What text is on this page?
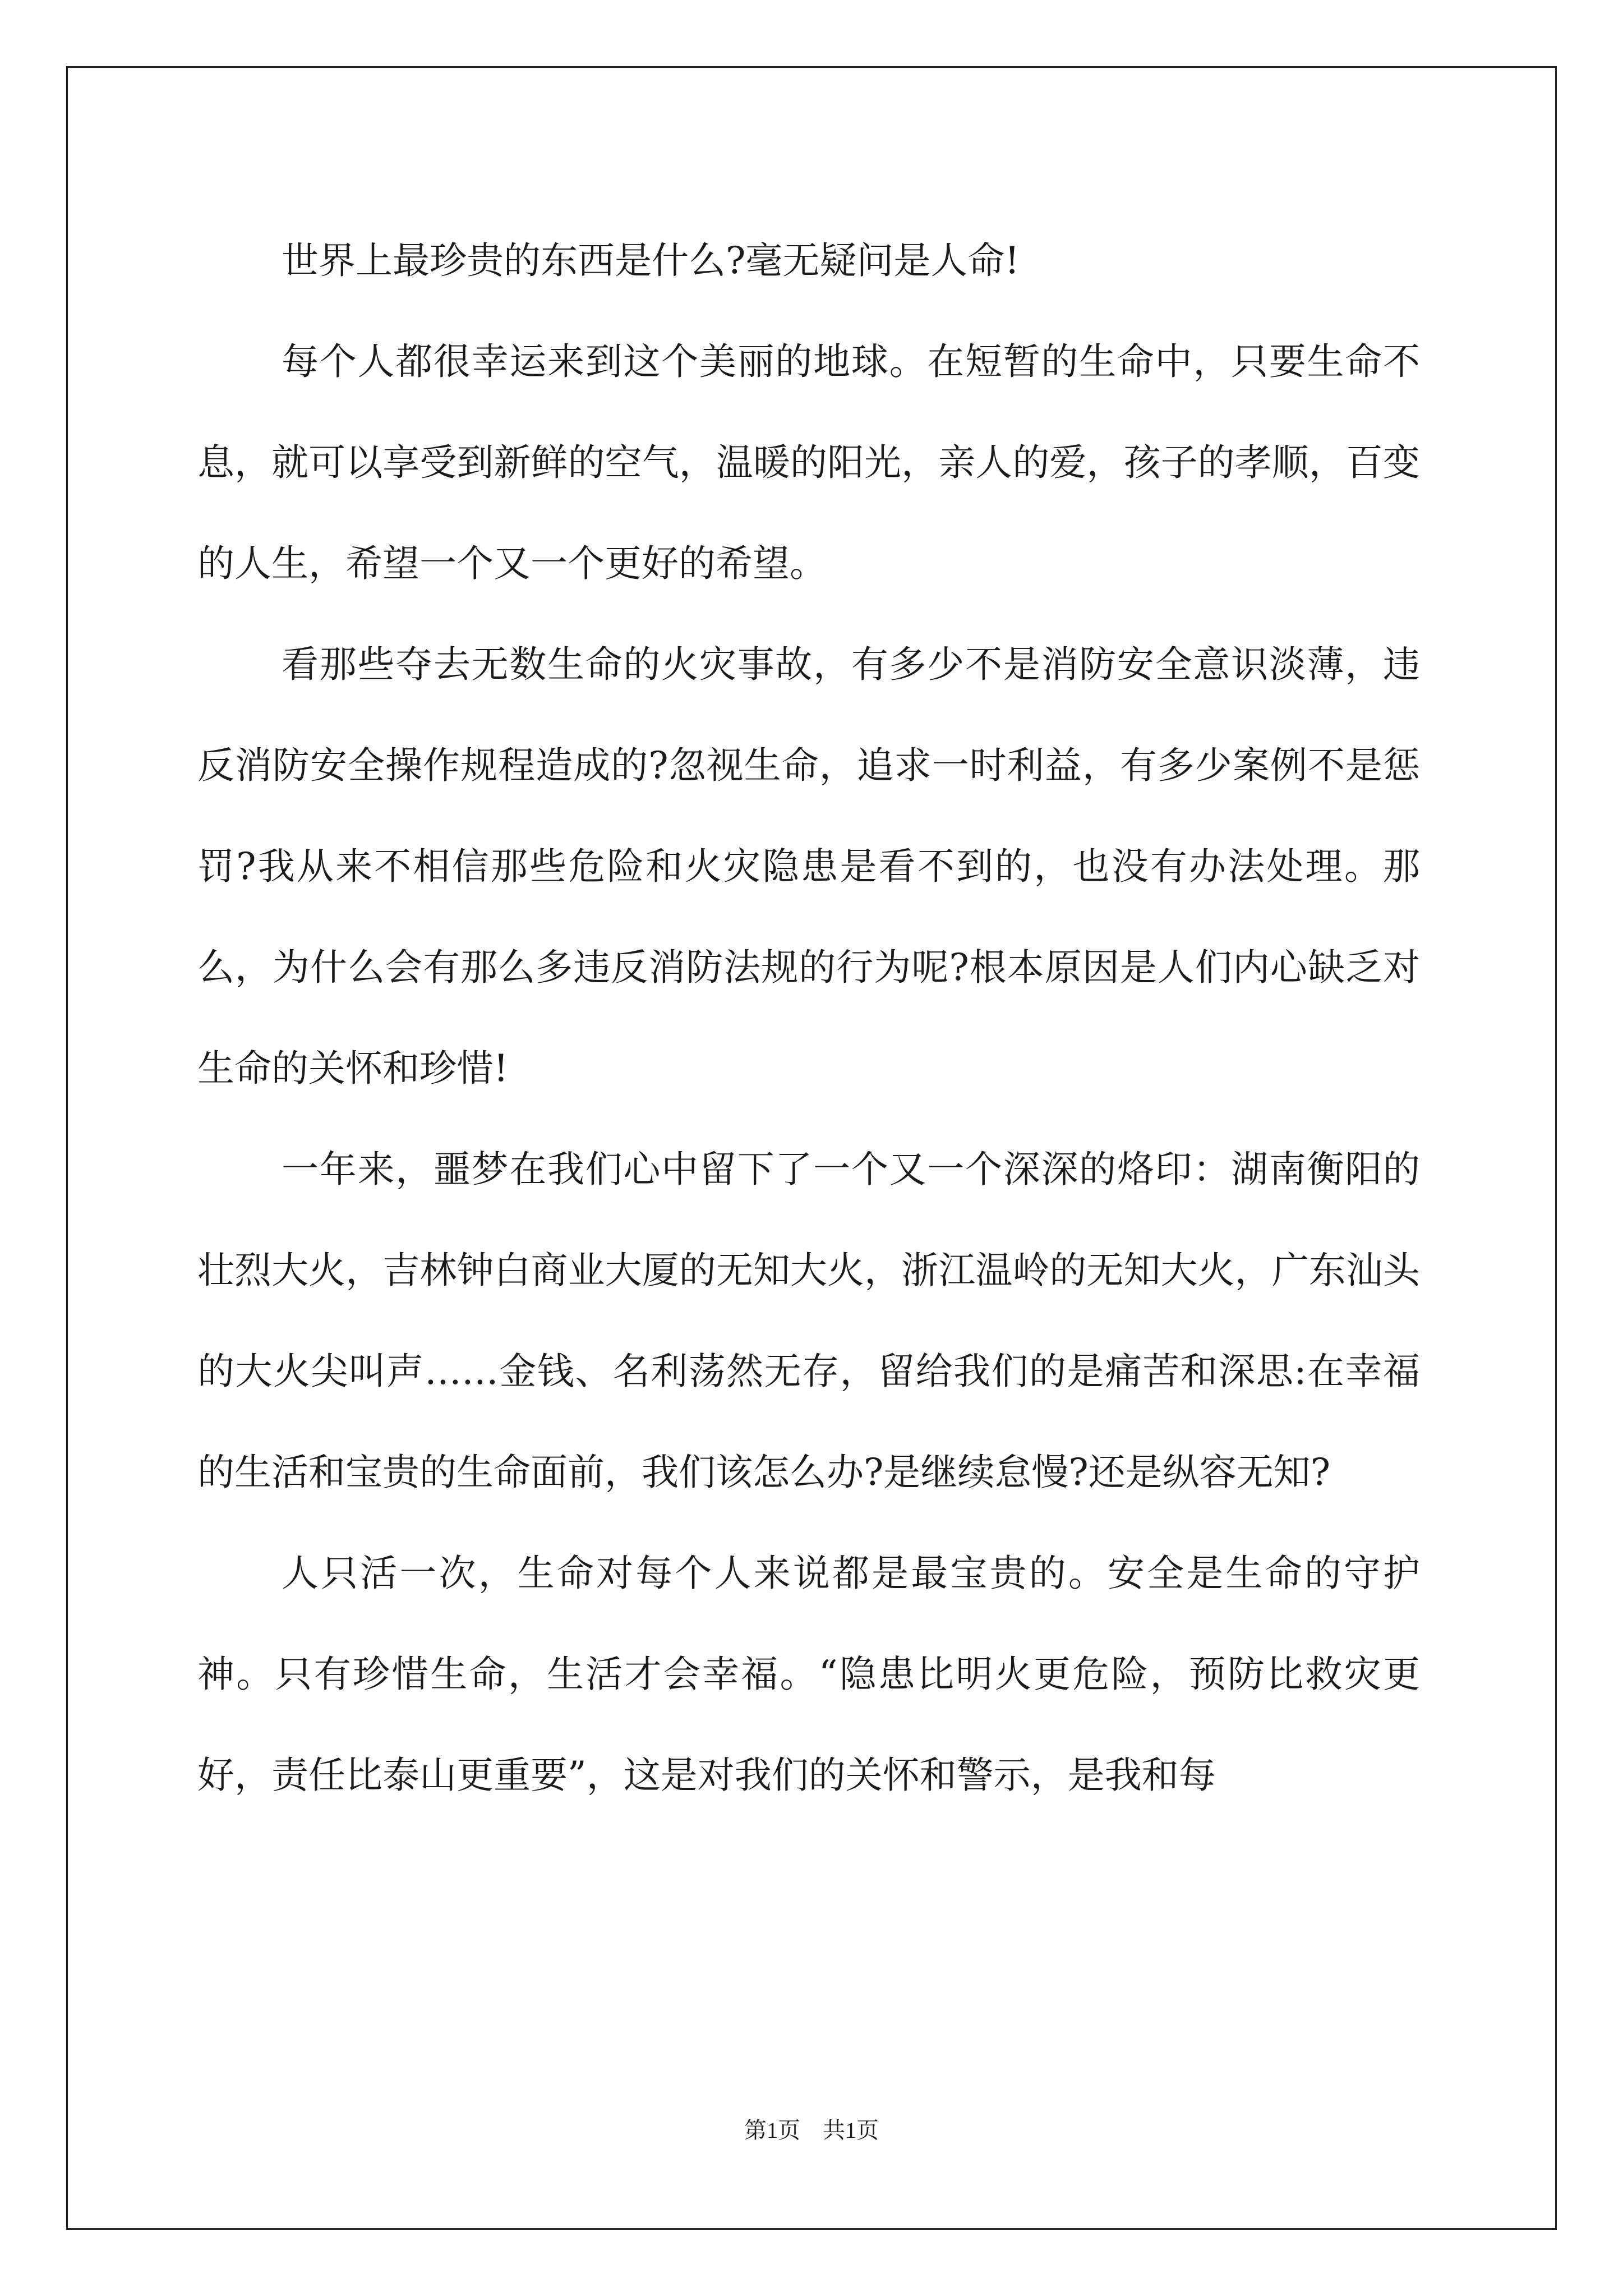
世界上最珍贵的东西是什么?毫无疑问是人命!

每个人都很幸运来到这个美丽的地球。在短暂的生命中，只要生命不息，就可以享受到新鲜的空气，温暖的阳光，亲人的爱，孩子的孝顺，百变的人生，希望一个又一个更好的希望。

看那些夺去无数生命的火灾事故，有多少不是消防安全意识淡薄，违反消防安全操作规程造成的?忽视生命，追求一时利益，有多少案例不是惩罚?我从来不相信那些危险和火灾隐患是看不到的，也没有办法处理。那么，为什么会有那么多违反消防法规的行为呢?根本原因是人们内心缺乏对生命的关怀和珍惜!

一年来，噩梦在我们心中留下了一个又一个深深的烙印：湖南衡阳的壮烈大火，吉林钟白商业大厦的无知大火，浙江温岭的无知大火，广东汕头的大火尖叫声……金钱、名利荡然无存，留给我们的是痛苦和深思:在幸福的生活和宝贵的生命面前，我们该怎么办?是继续怠慢?还是纵容无知?

人只活一次，生命对每个人来说都是最宝贵的。安全是生命的守护神。只有珍惜生命，生活才会幸福。“隐患比明火更危险，预防比救灾更好，责任比泰山更重要”，这是对我们的关怀和警示，是我和每

第1页　共1页
